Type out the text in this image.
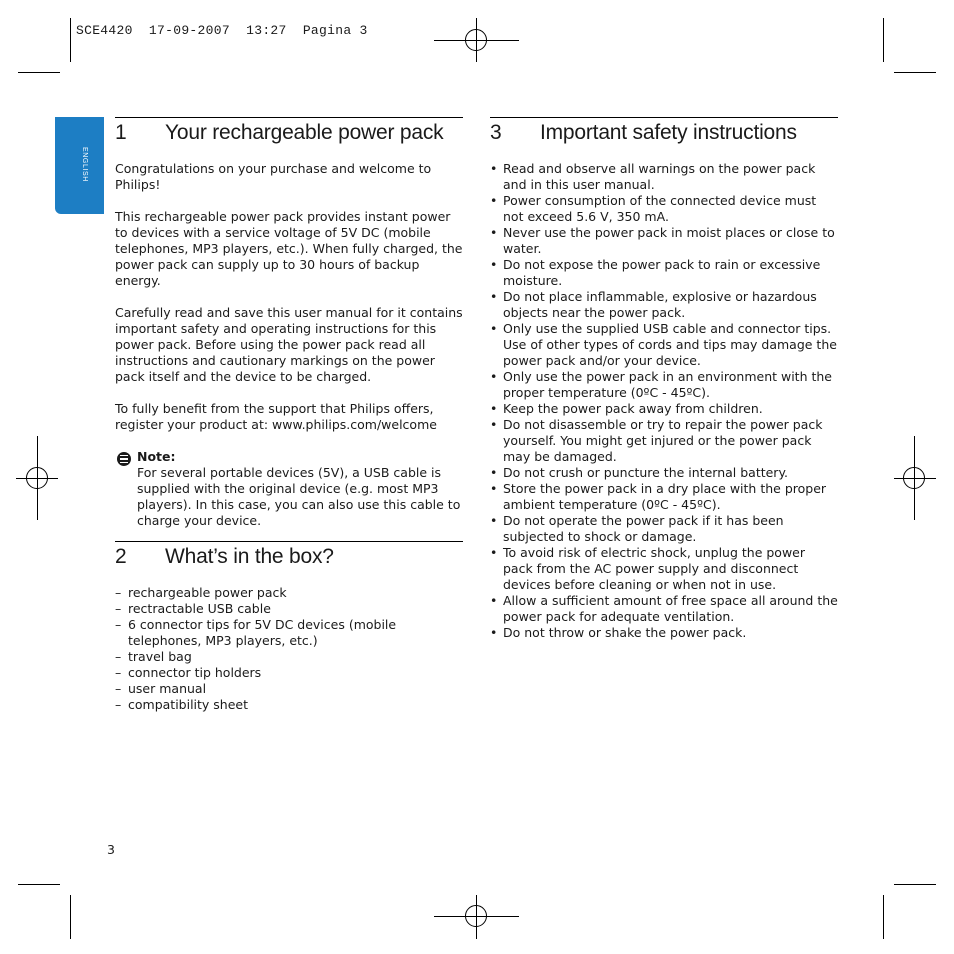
SCE4420  17-09-2007  13:27  Pagina 3
ENGLISH
1	Your rechargeable power pack

Congratulations on your purchase and welcome to Philips!

This rechargeable power pack provides instant power to devices with a service voltage of 5V DC (mobile telephones, MP3 players, etc.). When fully charged, the power pack can supply up to 30 hours of backup energy.

Carefully read and save this user manual for it contains important safety and operating instructions for this power pack. Before using the power pack read all instructions and cautionary markings on the power pack itself and the device to be charged.

To fully benefit from the support that Philips offers, register your product at: www.philips.com/welcome

Note:

For several portable devices (5V), a USB cable is supplied with the original device (e.g. most MP3 players). In this case, you can also use this cable to charge your device.

2	What’s in the box?
– rechargeable power pack
– rectractable USB cable
– 6 connector tips for 5V DC devices (mobile telephones, MP3 players, etc.)
– travel bag
– connector tip holders
– user manual
– compatibility sheet
3	Important safety instructions
• Read and observe all warnings on the power pack and in this user manual.
• Power consumption of the connected device must not exceed 5.6 V, 350 mA.
• Never use the power pack in moist places or close to water.
• Do not expose the power pack to rain or excessive moisture.
• Do not place inflammable, explosive or hazardous objects near the power pack.
• Only use the supplied USB cable and connector tips. Use of other types of cords and tips may damage the power pack and/or your device.
• Only use the power pack in an environment with the proper temperature (0ºC - 45ºC).
• Keep the power pack away from children.
• Do not disassemble or try to repair the power pack yourself. You might get injured or the power pack may be damaged.
• Do not crush or puncture the internal battery.
• Store the power pack in a dry place with the proper ambient temperature (0ºC - 45ºC).
• Do not operate the power pack if it has been subjected to shock or damage.
• To avoid risk of electric shock, unplug the power pack from the AC power supply and disconnect devices before cleaning or when not in use.
• Allow a sufficient amount of free space all around the power pack for adequate ventilation.
• Do not throw or shake the power pack.
3
